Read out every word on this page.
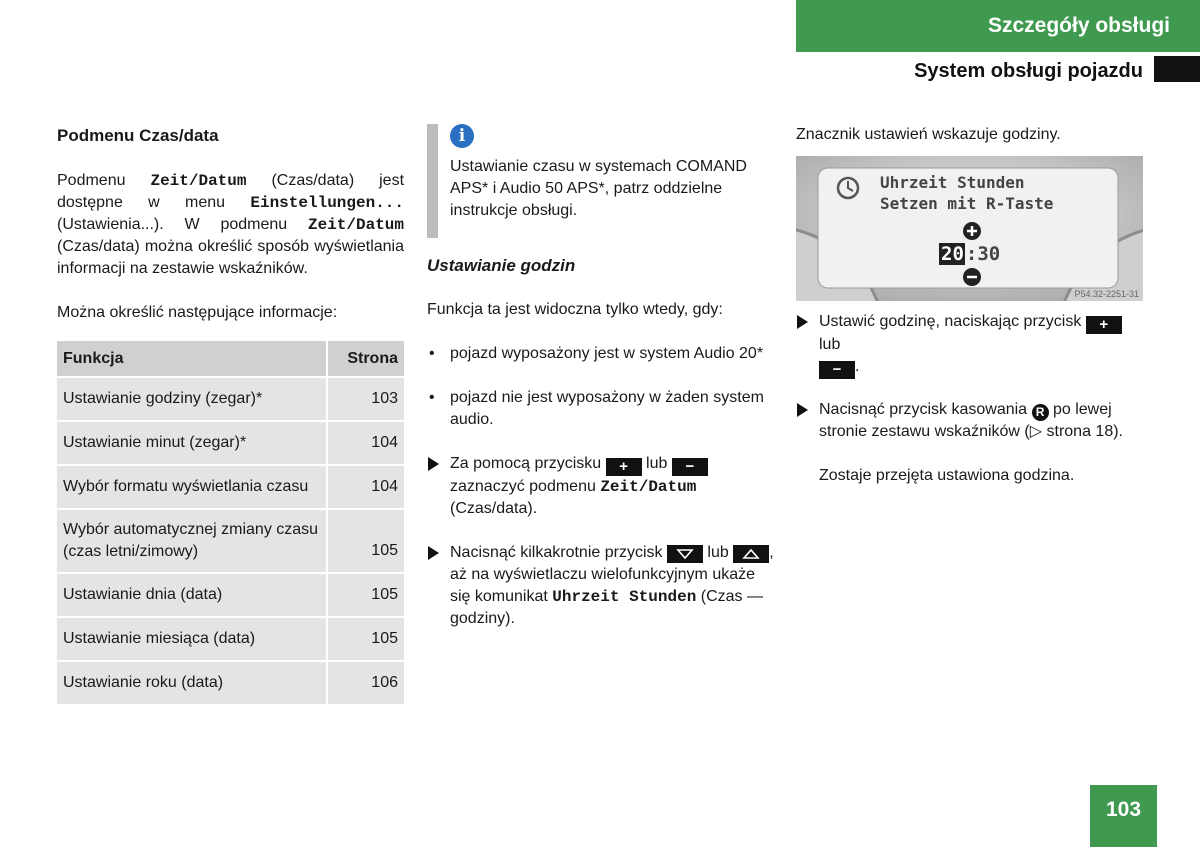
Szczegóły obsługi
System obsługi pojazdu
Podmenu Czas/data

Podmenu Zeit/Datum (Czas/data) jest dostępne w menu Einstellungen... (Ustawienia...). W podmenu Zeit/Datum (Czas/data) można określić sposób wyświetlania informacji na zestawie wskaźników.

Można określić następujące informacje:

Funkcja	Strona
Ustawianie godziny (zegar)*	103
Ustawianie minut (zegar)*	104
Wybór formatu wyświetlania czasu	104
Wybór automatycznej zmiany czasu (czas letni/zimowy)	105
Ustawianie dnia (data)	105
Ustawianie miesiąca (data)	105
Ustawianie roku (data)	106
i

Ustawianie czasu w systemach COMAND APS* i Audio 50 APS*, patrz oddzielne instrukcje obsługi.

Ustawianie godzin

Funkcja ta jest widoczna tylko wtedy, gdy:

• pojazd wyposażony jest w system Audio 20*
• pojazd nie jest wyposażony w żaden system audio.
Za pomocą przycisku + lub − zaznaczyć podmenu Zeit/Datum (Czas/data).
Nacisnąć kilkakrotnie przycisk
lub
, aż na wyświetlaczu wielofunkcyjnym ukaże się komunikat Uhrzeit Stunden (Czas — godziny).

Znacznik ustawień wskazuje godziny.

Uhrzeit Stunden
Setzen mit R-Taste
20 :30
P54.32-2251-31
Ustawić godzinę, naciskając przycisk + lub
− .
Nacisnąć przycisk kasowania R po lewej stronie zestawu wskaźników (▷ strona 18).

Zostaje przejęta ustawiona godzina.

103
